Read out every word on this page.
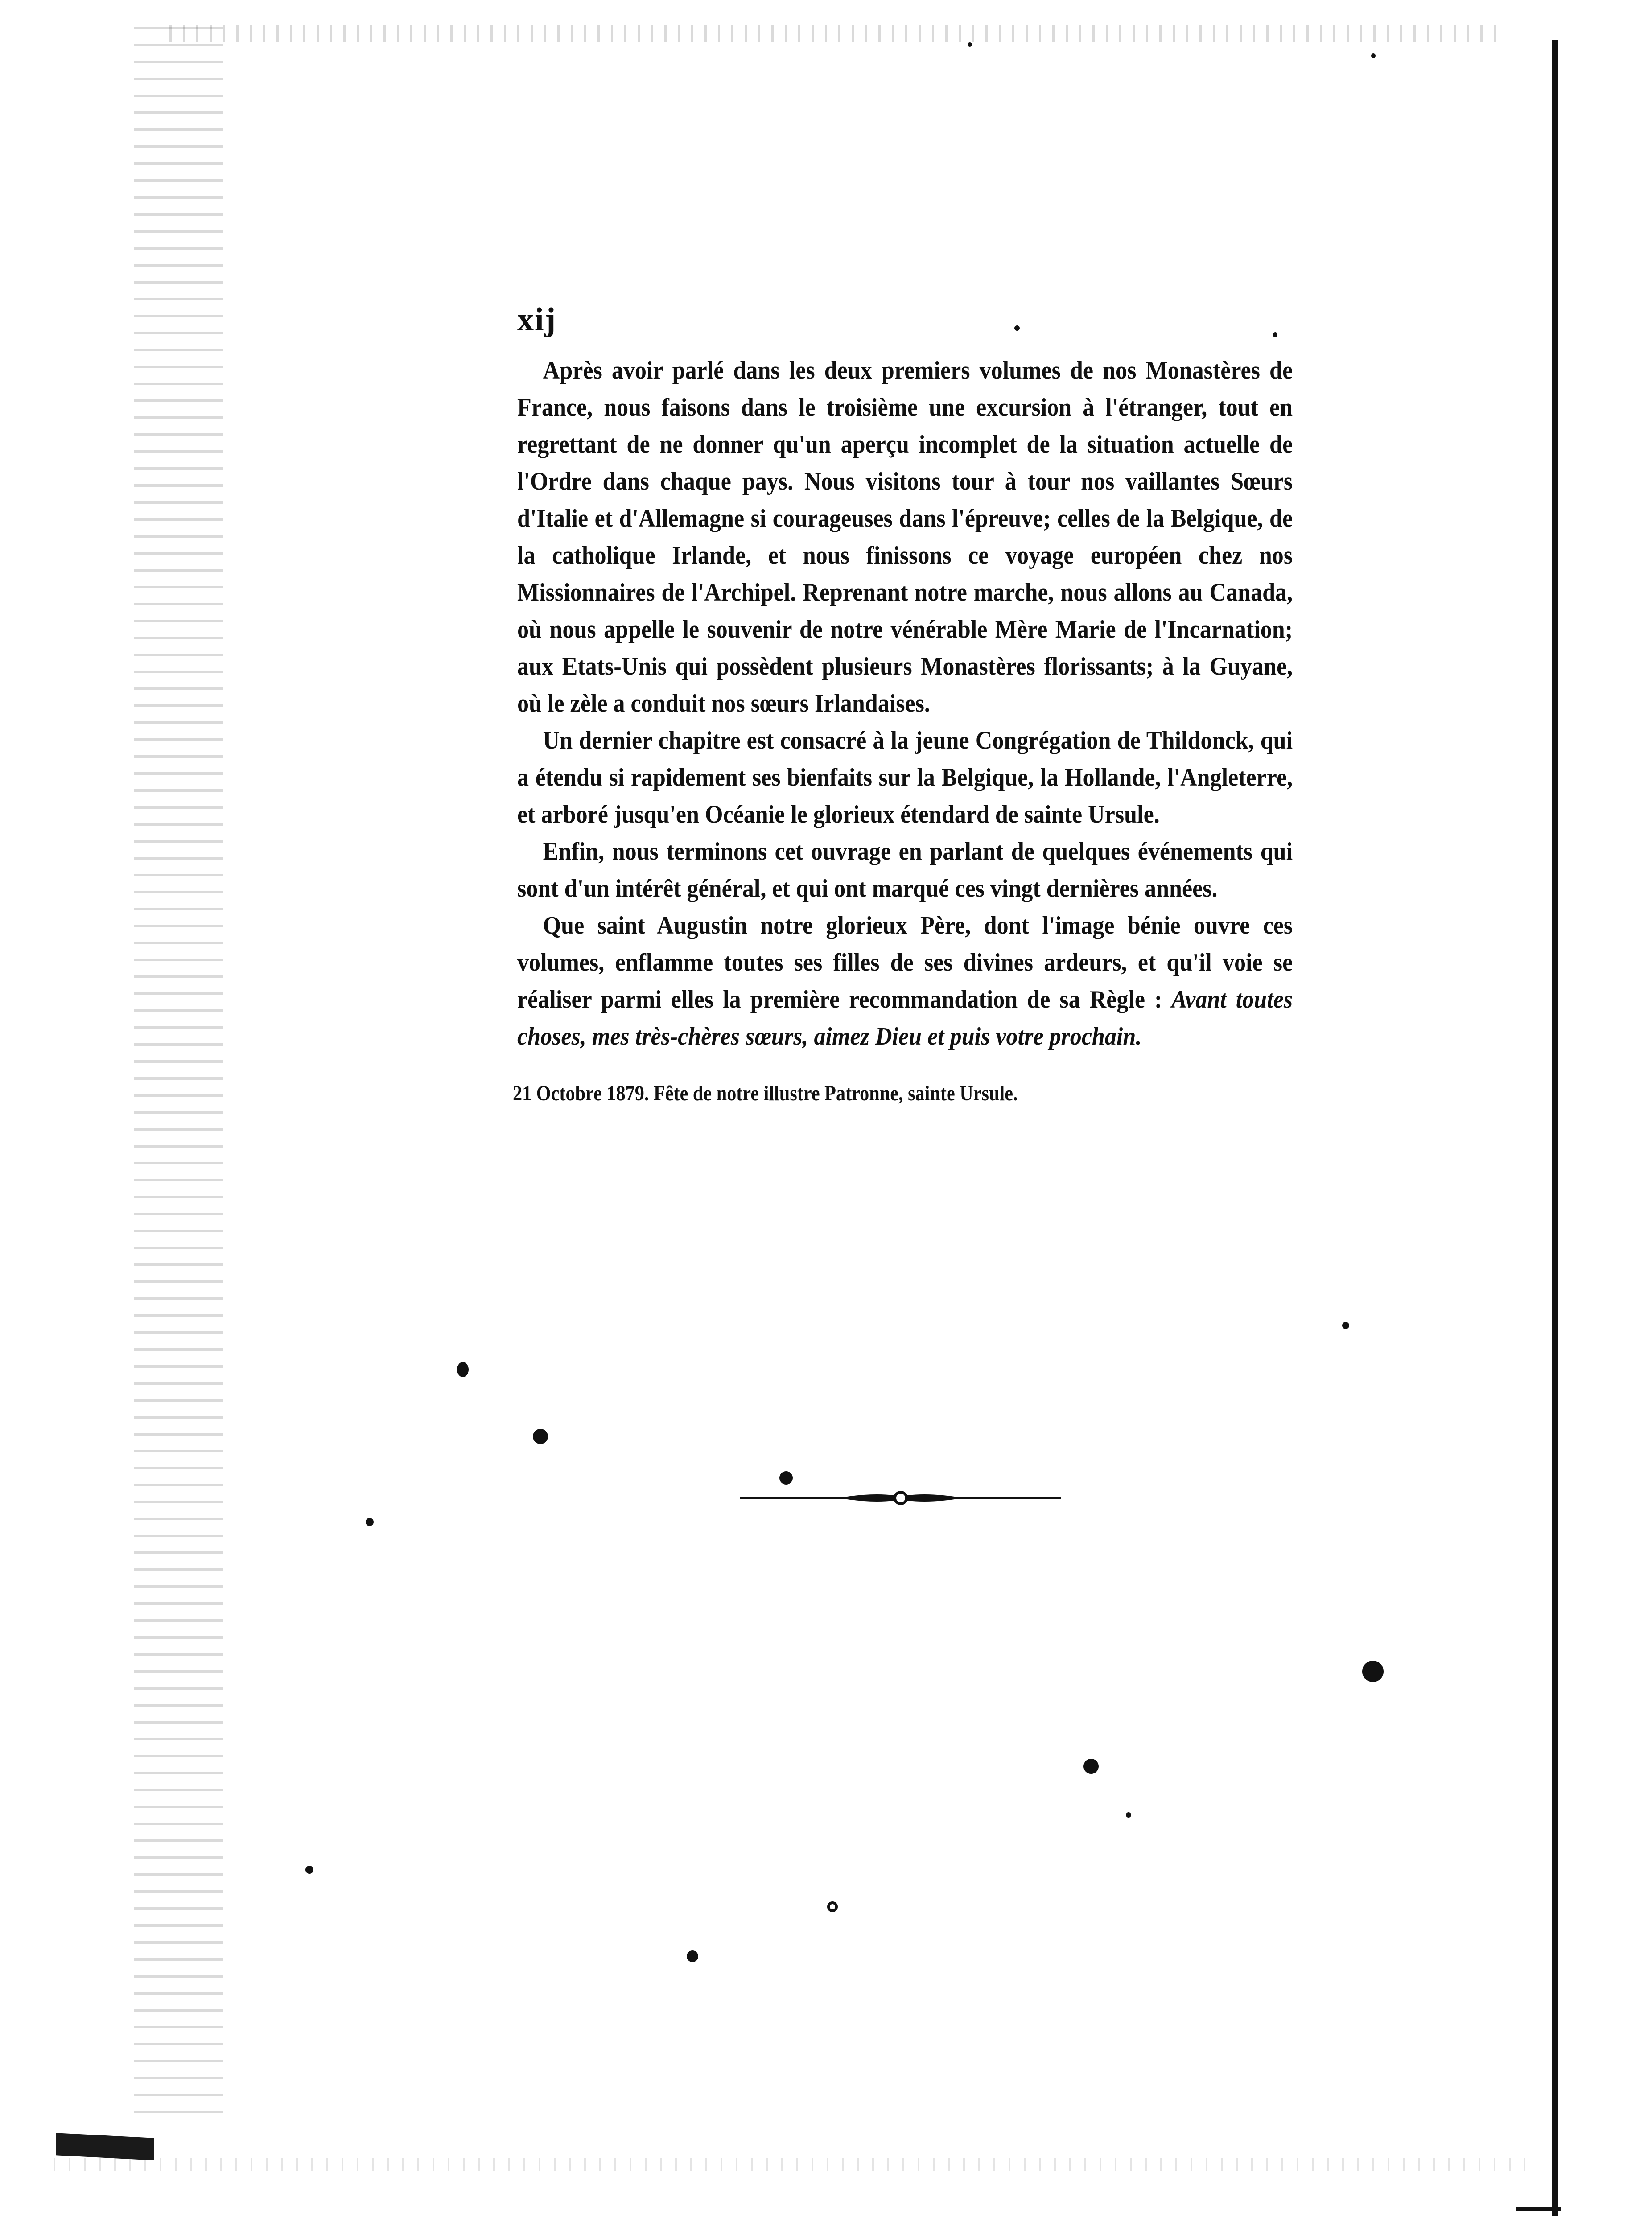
xij

Après avoir parlé dans les deux premiers volumes de nos Monastères de France, nous faisons dans le troisième une excursion à l'étranger, tout en regrettant de ne donner qu'un aperçu incomplet de la situation actuelle de l'Ordre dans chaque pays. Nous visitons tour à tour nos vaillantes Sœurs d'Italie et d'Allemagne si courageuses dans l'épreuve; celles de la Belgique, de la catholique Irlande, et nous finissons ce voyage européen chez nos Missionnaires de l'Archipel. Reprenant notre marche, nous allons au Canada, où nous appelle le souvenir de notre vénérable Mère Marie de l'Incarnation; aux Etats-Unis qui possèdent plusieurs Monastères florissants; à la Guyane, où le zèle a conduit nos sœurs Irlandaises.

Un dernier chapitre est consacré à la jeune Congrégation de Thildonck, qui a étendu si rapidement ses bienfaits sur la Belgique, la Hollande, l'Angleterre, et arboré jusqu'en Océanie le glorieux étendard de sainte Ursule.

Enfin, nous terminons cet ouvrage en parlant de quelques événements qui sont d'un intérêt général, et qui ont marqué ces vingt dernières années.

Que saint Augustin notre glorieux Père, dont l'image bénie ouvre ces volumes, enflamme toutes ses filles de ses divines ardeurs, et qu'il voie se réaliser parmi elles la première recommandation de sa Règle : Avant toutes choses, mes très-chères sœurs, aimez Dieu et puis votre prochain.

21 Octobre 1879. Fête de notre illustre Patronne, sainte Ursule.
